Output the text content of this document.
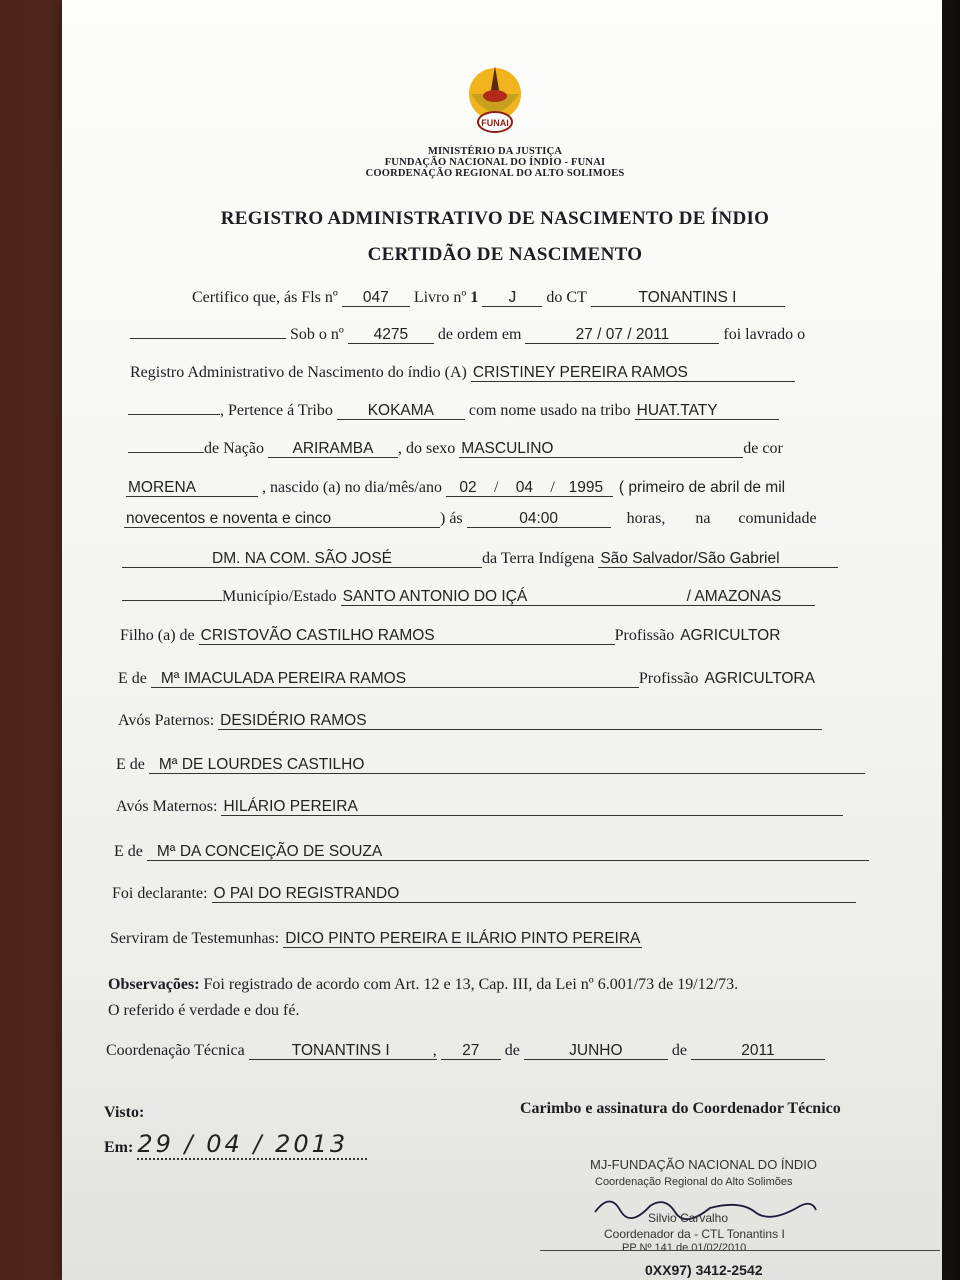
FUNAI
MINISTÉRIO DA JUSTIÇA
FUNDAÇÃO NACIONAL DO ÍNDIO - FUNAI
COORDENAÇÃO REGIONAL DO ALTO SOLIMOES
REGISTRO ADMINISTRATIVO DE NASCIMENTO DE ÍNDIO
CERTIDÃO DE NASCIMENTO
Certifico que, ás Fls nº 047 Livro nº 1 J do CT	TONANTINS I
Sob o nº 4275 de ordem em	27 / 07 / 2011	foi lavrado o
Registro Administrativo de Nascimento do índio (A) CRISTINEY PEREIRA RAMOS
, Pertence á Tribo KOKAMA com nome usado na tribo HUAT.TATY
de Nação ARIRAMBA , do sexo MASCULINO	de cor
MORENA	, nascido (a) no dia/mês/ano 02 / 04 / 1995 ( primeiro de abril de mil
novecentos e noventa e cinco	) ás	04:00	horas, na comunidade
DM. NA COM. SÃO JOSÉ	da Terra Indígena São Salvador/São Gabriel
Município/Estado SANTO ANTONIO DO IÇÁ	/ AMAZONAS
Filho (a) de CRISTOVÃO CASTILHO RAMOS	Profissão AGRICULTOR
E de Mª IMACULADA PEREIRA RAMOS	Profissão AGRICULTORA
Avós Paternos: DESIDÉRIO RAMOS
E de Mª DE LOURDES CASTILHO
Avós Maternos: HILÁRIO PEREIRA
E de Mª DA CONCEIÇÃO DE SOUZA
Foi declarante: O PAI DO REGISTRANDO
Serviram de Testemunhas: DICO PINTO PEREIRA E ILÁRIO PINTO PEREIRA
Observações: Foi registrado de acordo com Art. 12 e 13, Cap. III, da Lei nº 6.001/73 de 19/12/73.
O referido é verdade e dou fé.
Coordenação Técnica	TONANTINS I	, 27 de	JUNHO	de	2011
Visto:
Em: 29 / 04 / 2013
Carimbo e assinatura do Coordenador Técnico
MJ-FUNDAÇÃO NACIONAL DO ÍNDIO
Coordenação Regional do Alto Solimões
Silvio Carvalho
Coordenador da - CTL Tonantins I
PP Nº 141 de 01/02/2010
0XX97) 3412-2542
